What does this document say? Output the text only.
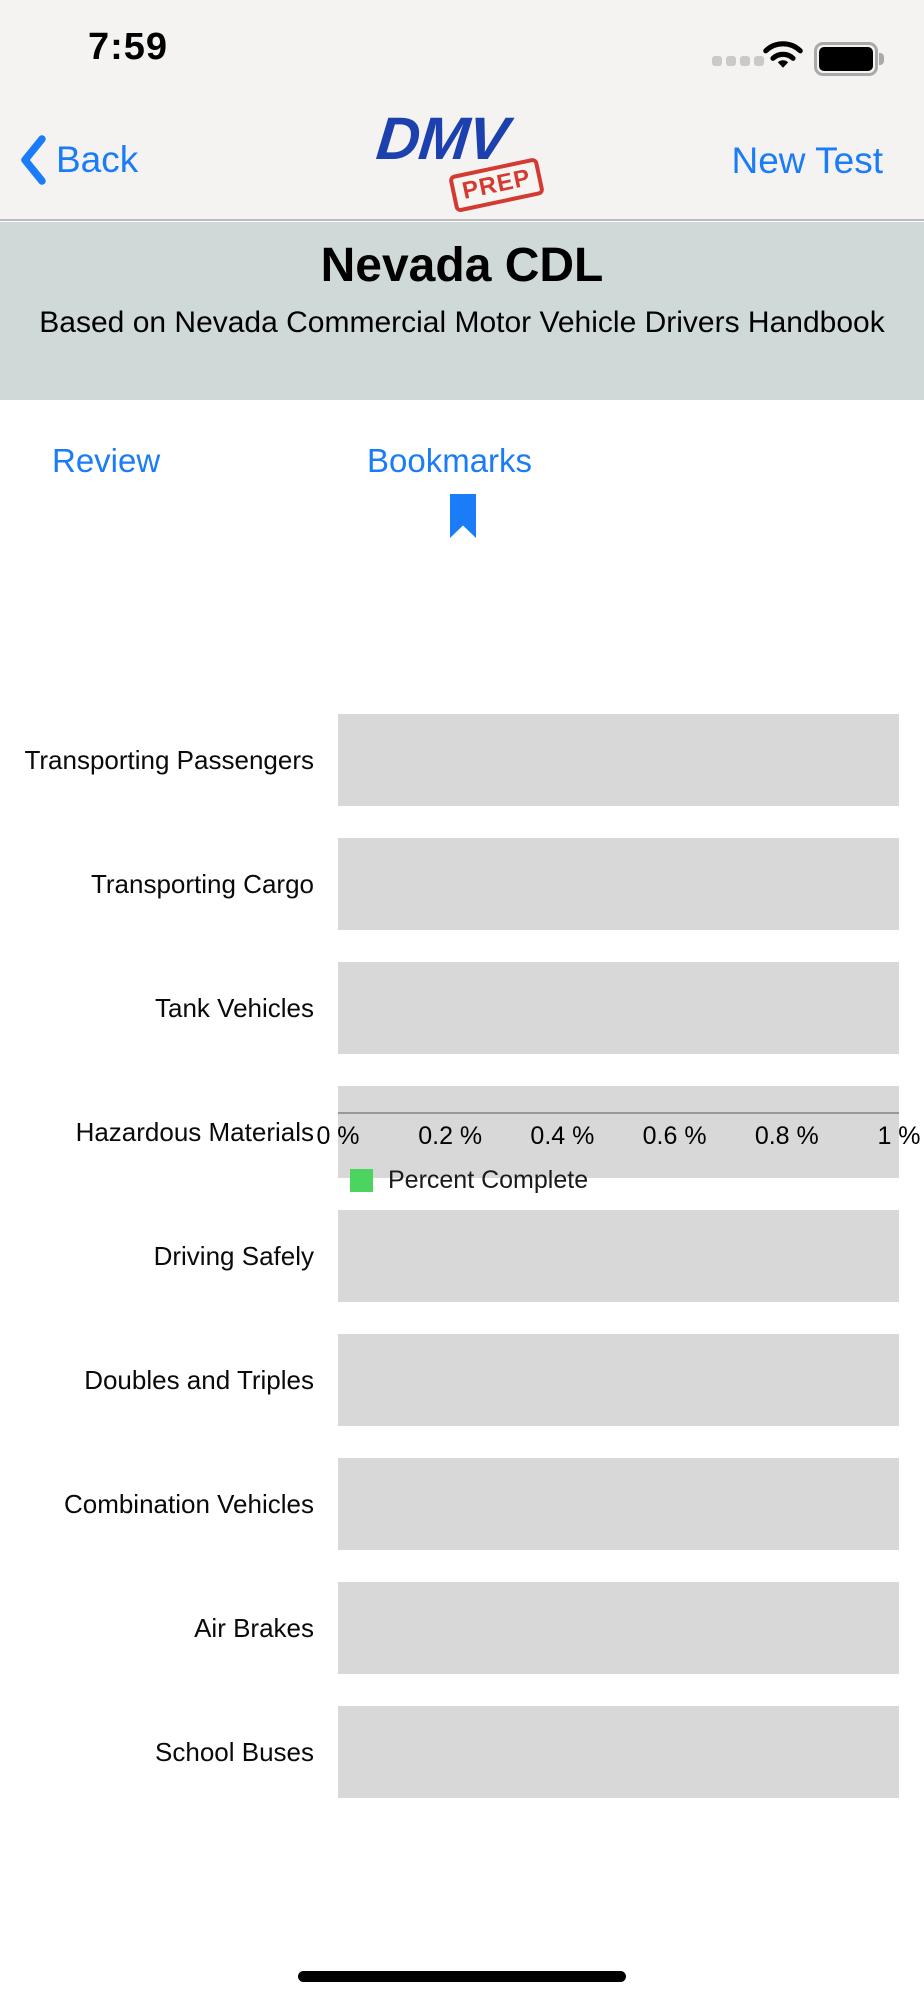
7:59
Back	DMV
PREP
New Test
Nevada CDL
Based on Nevada Commercial Motor Vehicle Drivers Handbook
Review	Bookmarks
Transporting Passengers
Transporting Cargo
Tank Vehicles
Hazardous Materials
Driving Safely
Doubles and Triples
Combination Vehicles
Air Brakes
School Buses
0 % 0.2 % 0.4 % 0.6 % 0.8 % 1 %
Percent Complete
